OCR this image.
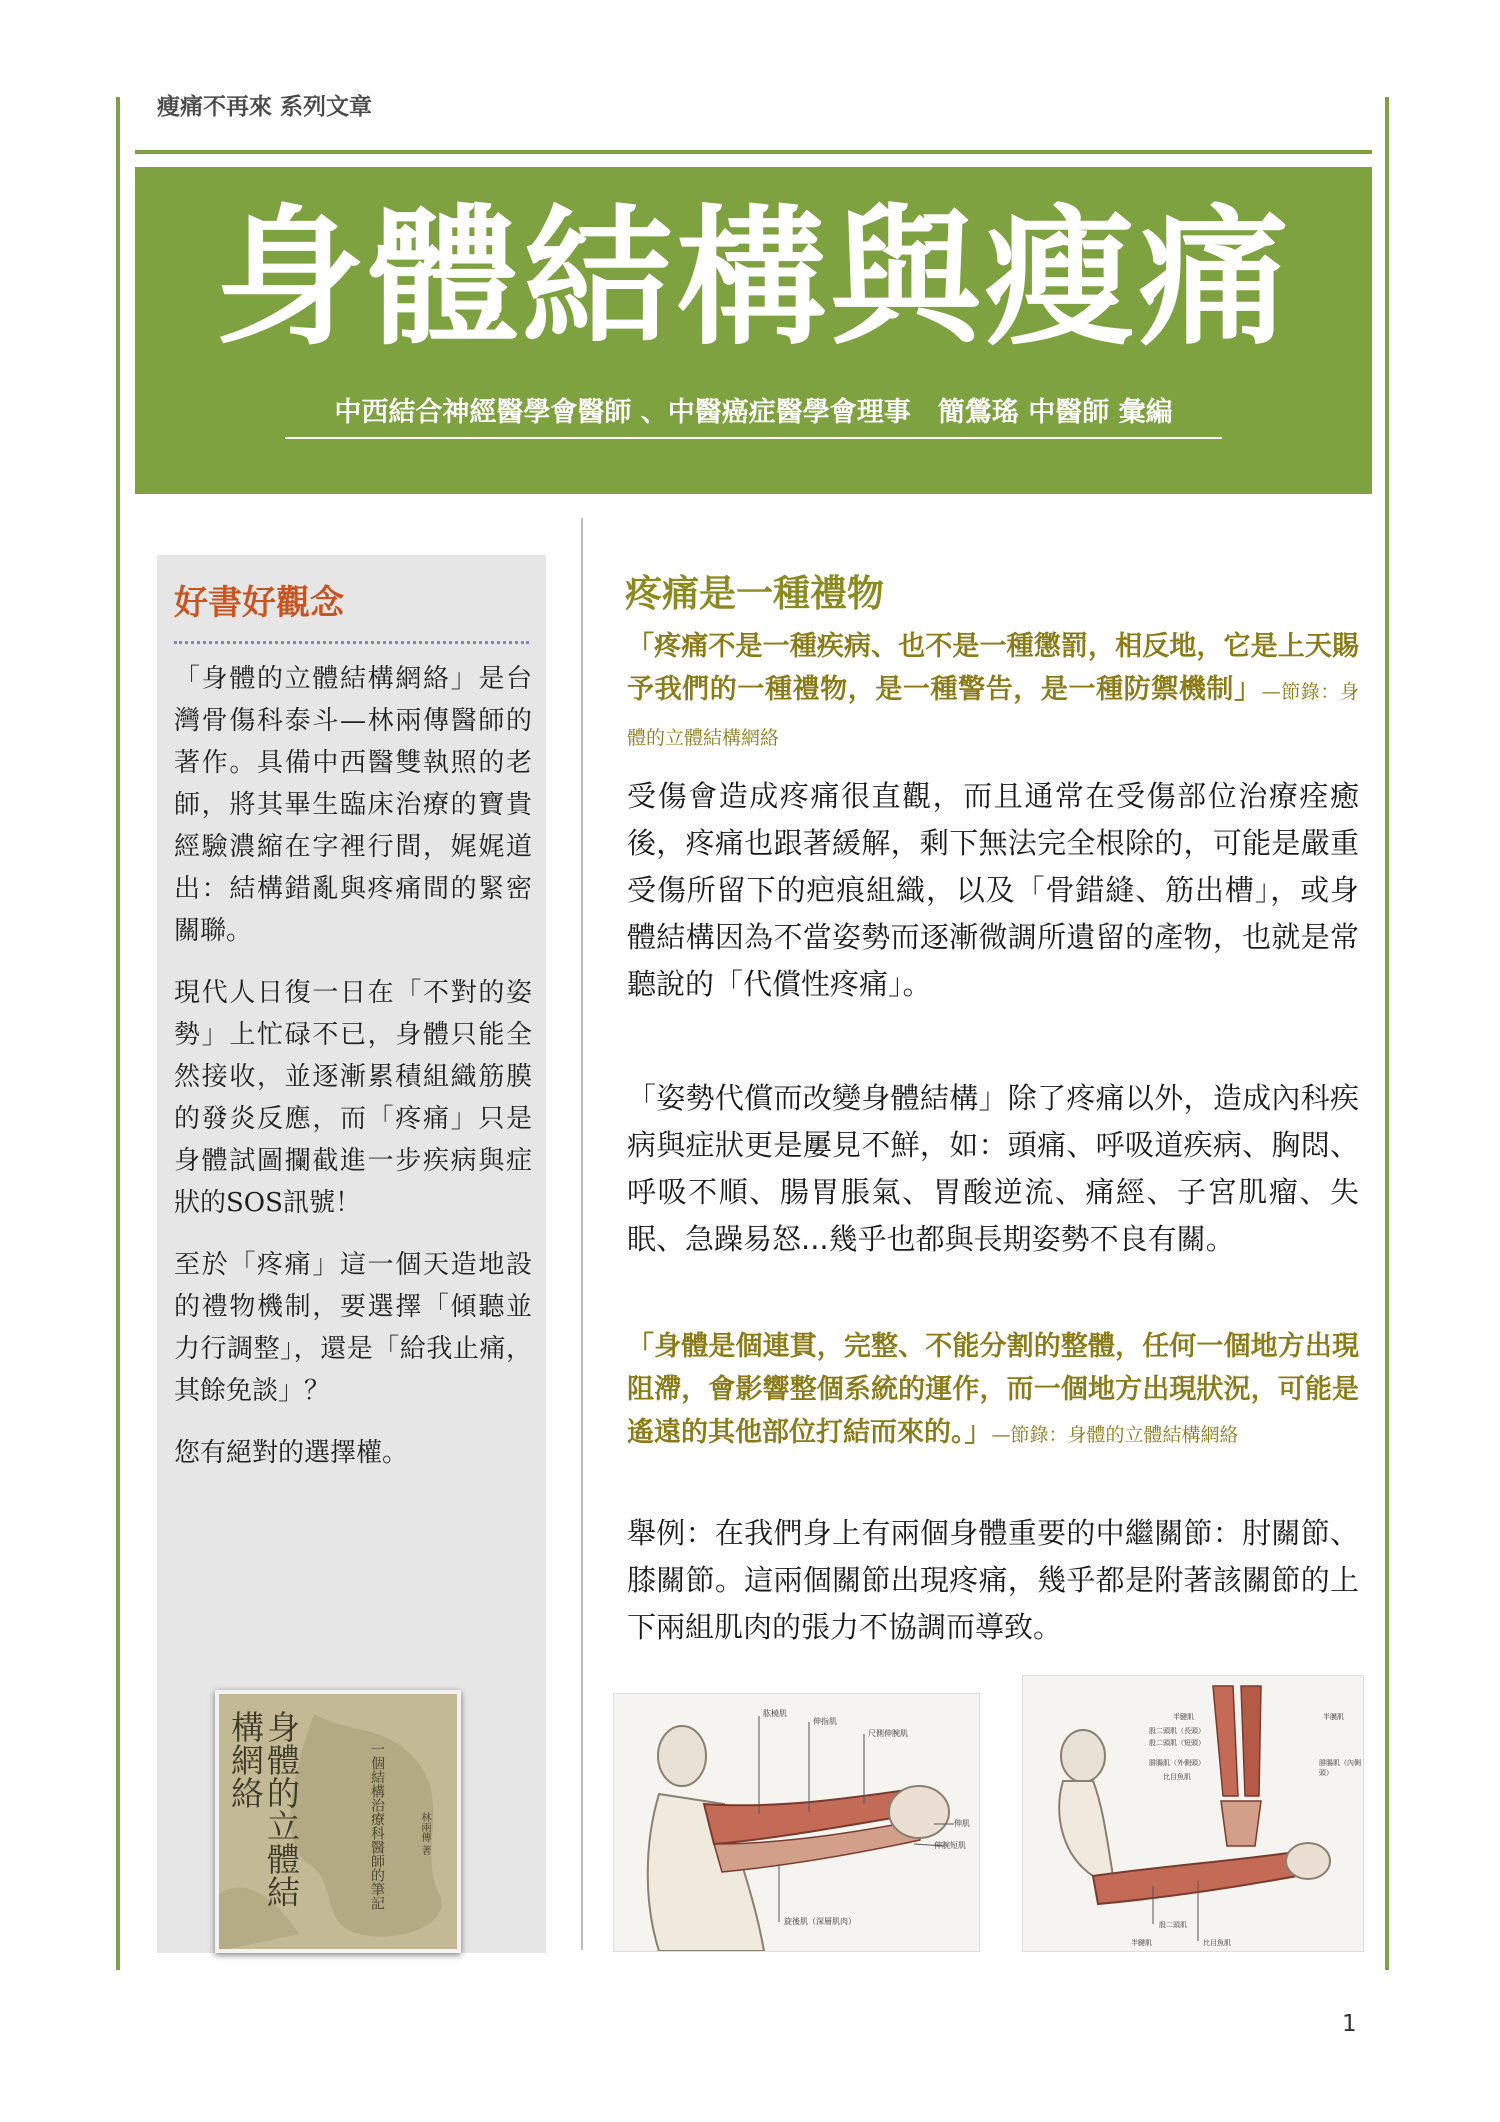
瘦痛不再來 系列文章
身體結構與瘦痛
中西結合神經醫學會醫師 、中醫癌症醫學會理事　簡鶯瑤 中醫師 彙編
好書好觀念

「身體的立體結構網絡」是台灣骨傷科泰斗—林兩傳醫師的著作。具備中西醫雙執照的老師，將其畢生臨床治療的寶貴經驗濃縮在字裡行間，娓娓道出：結構錯亂與疼痛間的緊密關聯。

現代人日復一日在「不對的姿勢」上忙碌不已，身體只能全然接收，並逐漸累積組織筋膜的發炎反應，而「疼痛」只是身體試圖攔截進一步疾病與症狀的SOS訊號！

至於「疼痛」這一個天造地設的禮物機制，要選擇「傾聽並力行調整」，還是「給我止痛，其餘免談」？

您有絕對的選擇權。

身體的立體結構網絡	一個結構治療科醫師的筆記	林兩傳 著
疼痛是一種禮物
「疼痛不是一種疾病、也不是一種懲罰，相反地，它是上天賜予我們的一種禮物，是一種警告，是一種防禦機制」—節錄：身體的立體結構網絡
受傷會造成疼痛很直觀，而且通常在受傷部位治療痊癒後，疼痛也跟著緩解，剩下無法完全根除的，可能是嚴重受傷所留下的疤痕組織，以及「骨錯縫、筋出槽」，或身體結構因為不當姿勢而逐漸微調所遺留的產物，也就是常聽說的「代償性疼痛」。
「姿勢代償而改變身體結構」除了疼痛以外，造成內科疾病與症狀更是屢見不鮮，如：頭痛、呼吸道疾病、胸悶、呼吸不順、腸胃脹氣、胃酸逆流、痛經、子宮肌瘤、失眠、急躁易怒...幾乎也都與長期姿勢不良有關。
「身體是個連貫，完整、不能分割的整體，任何一個地方出現阻滯，會影響整個系統的運作，而一個地方出現狀況，可能是遙遠的其他部位打結而來的。」—節錄：身體的立體結構網絡
舉例：在我們身上有兩個身體重要的中繼關節：肘關節、膝關節。這兩個關節出現疼痛，幾乎都是附著該關節的上下兩組肌肉的張力不協調而導致。
肱橈肌
伸指肌
尺側伸腕肌
伸肌
伸腕短肌
旋後肌（深層肌肉）
半腱肌
股二頭肌（長頭）
股二頭肌（短頭）
腓腸肌（外側頭）
比目魚肌
半膜肌
腓腸肌（內側頭）
股二頭肌
半腱肌	比目魚肌
1
